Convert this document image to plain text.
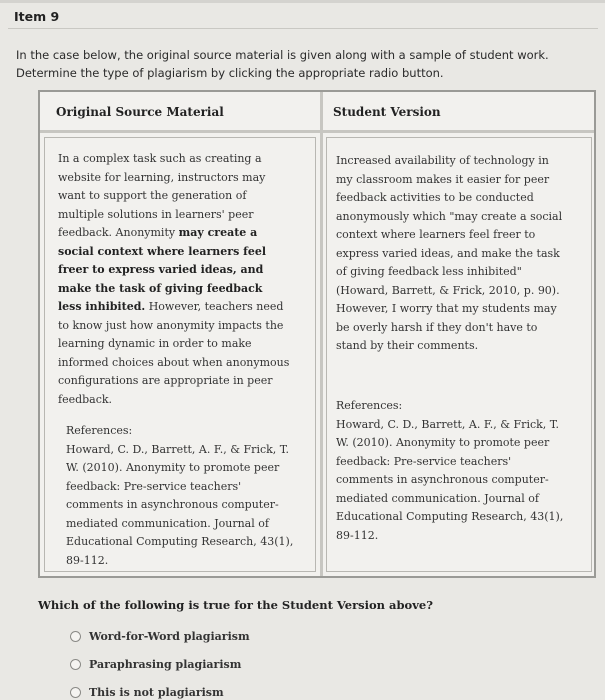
Item 9
In the case below, the original source material is given along with a sample of student work.
Determine the type of plagiarism by clicking the appropriate radio button.
Original Source Material	Student Version
In a complex task such as creating a
website for learning, instructors may
want to support the generation of
multiple solutions in learners' peer
feedback. Anonymity may create a
social context where learners feel
freer to express varied ideas, and
make the task of giving feedback
less inhibited. However, teachers need
to know just how anonymity impacts the
learning dynamic in order to make
informed choices about when anonymous
configurations are appropriate in peer
feedback.
References:
Howard, C. D., Barrett, A. F., & Frick, T.
W. (2010). Anonymity to promote peer
feedback: Pre-service teachers'
comments in asynchronous computer-
mediated communication. Journal of
Educational Computing Research, 43(1),
89-112.
Increased availability of technology in
my classroom makes it easier for peer
feedback activities to be conducted
anonymously which "may create a social
context where learners feel freer to
express varied ideas, and make the task
of giving feedback less inhibited"
(Howard, Barrett, & Frick, 2010, p. 90).
However, I worry that my students may
be overly harsh if they don't have to
stand by their comments.
References:
Howard, C. D., Barrett, A. F., & Frick, T.
W. (2010). Anonymity to promote peer
feedback: Pre-service teachers'
comments in asynchronous computer-
mediated communication. Journal of
Educational Computing Research, 43(1),
89-112.
Which of the following is true for the Student Version above?
Word-for-Word plagiarism
Paraphrasing plagiarism
This is not plagiarism
